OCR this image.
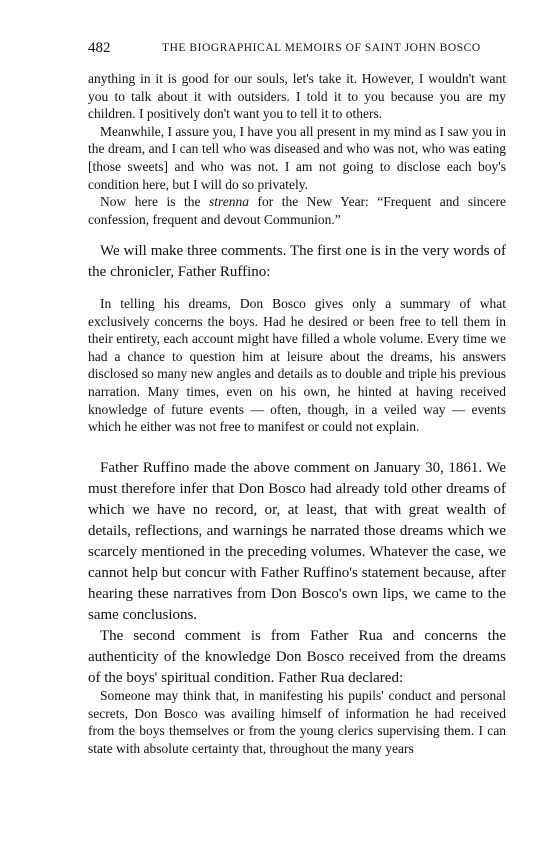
482	THE BIOGRAPHICAL MEMOIRS OF SAINT JOHN BOSCO

anything in it is good for our souls, let's take it. However, I wouldn't want you to talk about it with outsiders. I told it to you because you are my children. I positively don't want you to tell it to others.

Meanwhile, I assure you, I have you all present in my mind as I saw you in the dream, and I can tell who was diseased and who was not, who was eating [those sweets] and who was not. I am not going to disclose each boy's condition here, but I will do so privately.

Now here is the strenna for the New Year: “Frequent and sincere confession, frequent and devout Communion.”

We will make three comments. The first one is in the very words of the chronicler, Father Ruffino:

In telling his dreams, Don Bosco gives only a summary of what exclusively concerns the boys. Had he desired or been free to tell them in their entirety, each account might have filled a whole volume. Every time we had a chance to question him at leisure about the dreams, his answers disclosed so many new angles and details as to double and triple his previous narration. Many times, even on his own, he hinted at having received knowledge of future events — often, though, in a veiled way — events which he either was not free to manifest or could not explain.

Father Ruffino made the above comment on January 30, 1861. We must therefore infer that Don Bosco had already told other dreams of which we have no record, or, at least, that with great wealth of details, reflections, and warnings he narrated those dreams which we scarcely mentioned in the preceding volumes. Whatever the case, we cannot help but concur with Father Ruffino's statement because, after hearing these narratives from Don Bosco's own lips, we came to the same conclusions.

The second comment is from Father Rua and concerns the authenticity of the knowledge Don Bosco received from the dreams of the boys' spiritual condition. Father Rua declared:

Someone may think that, in manifesting his pupils' conduct and personal secrets, Don Bosco was availing himself of information he had received from the boys themselves or from the young clerics supervising them. I can state with absolute certainty that, throughout the many years
